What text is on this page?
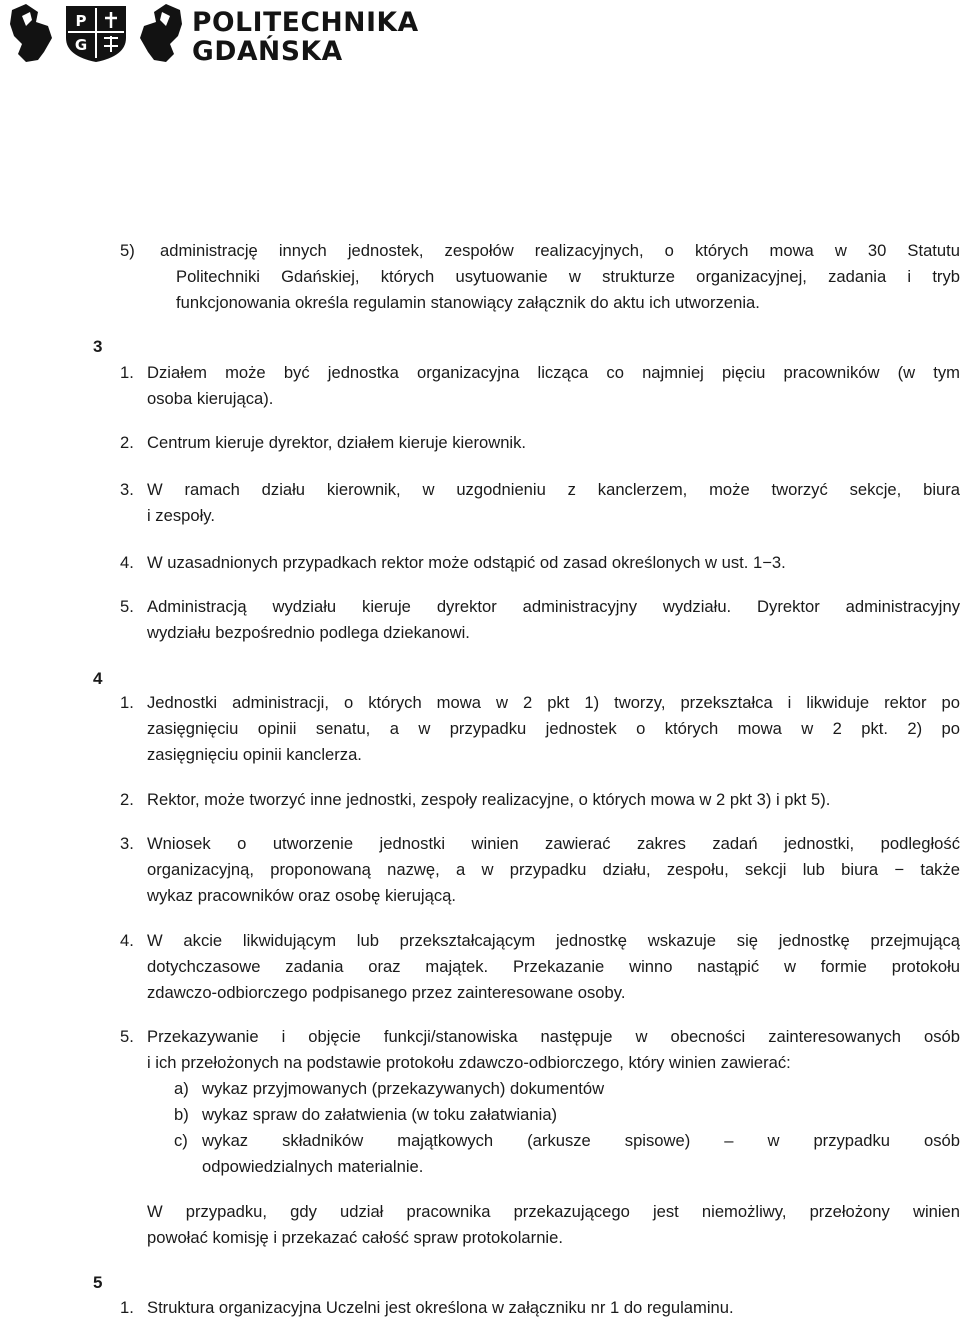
P
G
POLITECHNIKA
GDAŃSKA
5) administrację innych jednostek, zespołów realizacyjnych, o których mowa w 30 Statutu
Politechniki Gdańskiej, których usytuowanie w strukturze organizacyjnej, zadania i tryb
funkcjonowania określa regulamin stanowiący załącznik do aktu ich utworzenia.
3
1. Działem może być jednostka organizacyjna licząca co najmniej pięciu pracowników (w tym
osoba kierująca).
2. Centrum kieruje dyrektor, działem kieruje kierownik.
3. W ramach działu kierownik, w uzgodnieniu z kanclerzem, może tworzyć sekcje, biura
i zespoły.
4. W uzasadnionych przypadkach rektor może odstąpić od zasad określonych w ust. 1−3.
5. Administracją wydziału kieruje dyrektor administracyjny wydziału. Dyrektor administracyjny
wydziału bezpośrednio podlega dziekanowi.
4
1. Jednostki administracji, o których mowa w 2 pkt 1) tworzy, przekształca i likwiduje rektor po
zasięgnięciu opinii senatu, a w przypadku jednostek o których mowa w 2 pkt. 2) po
zasięgnięciu opinii kanclerza.
2. Rektor, może tworzyć inne jednostki, zespoły realizacyjne, o których mowa w 2 pkt 3) i pkt 5).
3. Wniosek o utworzenie jednostki winien zawierać zakres zadań jednostki, podległość
organizacyjną, proponowaną nazwę, a w przypadku działu, zespołu, sekcji lub biura − także
wykaz pracowników oraz osobę kierującą.
4. W akcie likwidującym lub przekształcającym jednostkę wskazuje się jednostkę przejmującą
dotychczasowe zadania oraz majątek. Przekazanie winno nastąpić w formie protokołu
zdawczo-odbiorczego podpisanego przez zainteresowane osoby.
5. Przekazywanie i objęcie funkcji/stanowiska następuje w obecności zainteresowanych osób
i ich przełożonych na podstawie protokołu zdawczo-odbiorczego, który winien zawierać:
a) wykaz przyjmowanych (przekazywanych) dokumentów
b) wykaz spraw do załatwienia (w toku załatwiania)
c) wykaz składników majątkowych (arkusze spisowe) – w przypadku osób
odpowiedzialnych materialnie.
W przypadku, gdy udział pracownika przekazującego jest niemożliwy, przełożony winien
powołać komisję i przekazać całość spraw protokolarnie.
5
1. Struktura organizacyjna Uczelni jest określona w załączniku nr 1 do regulaminu.
